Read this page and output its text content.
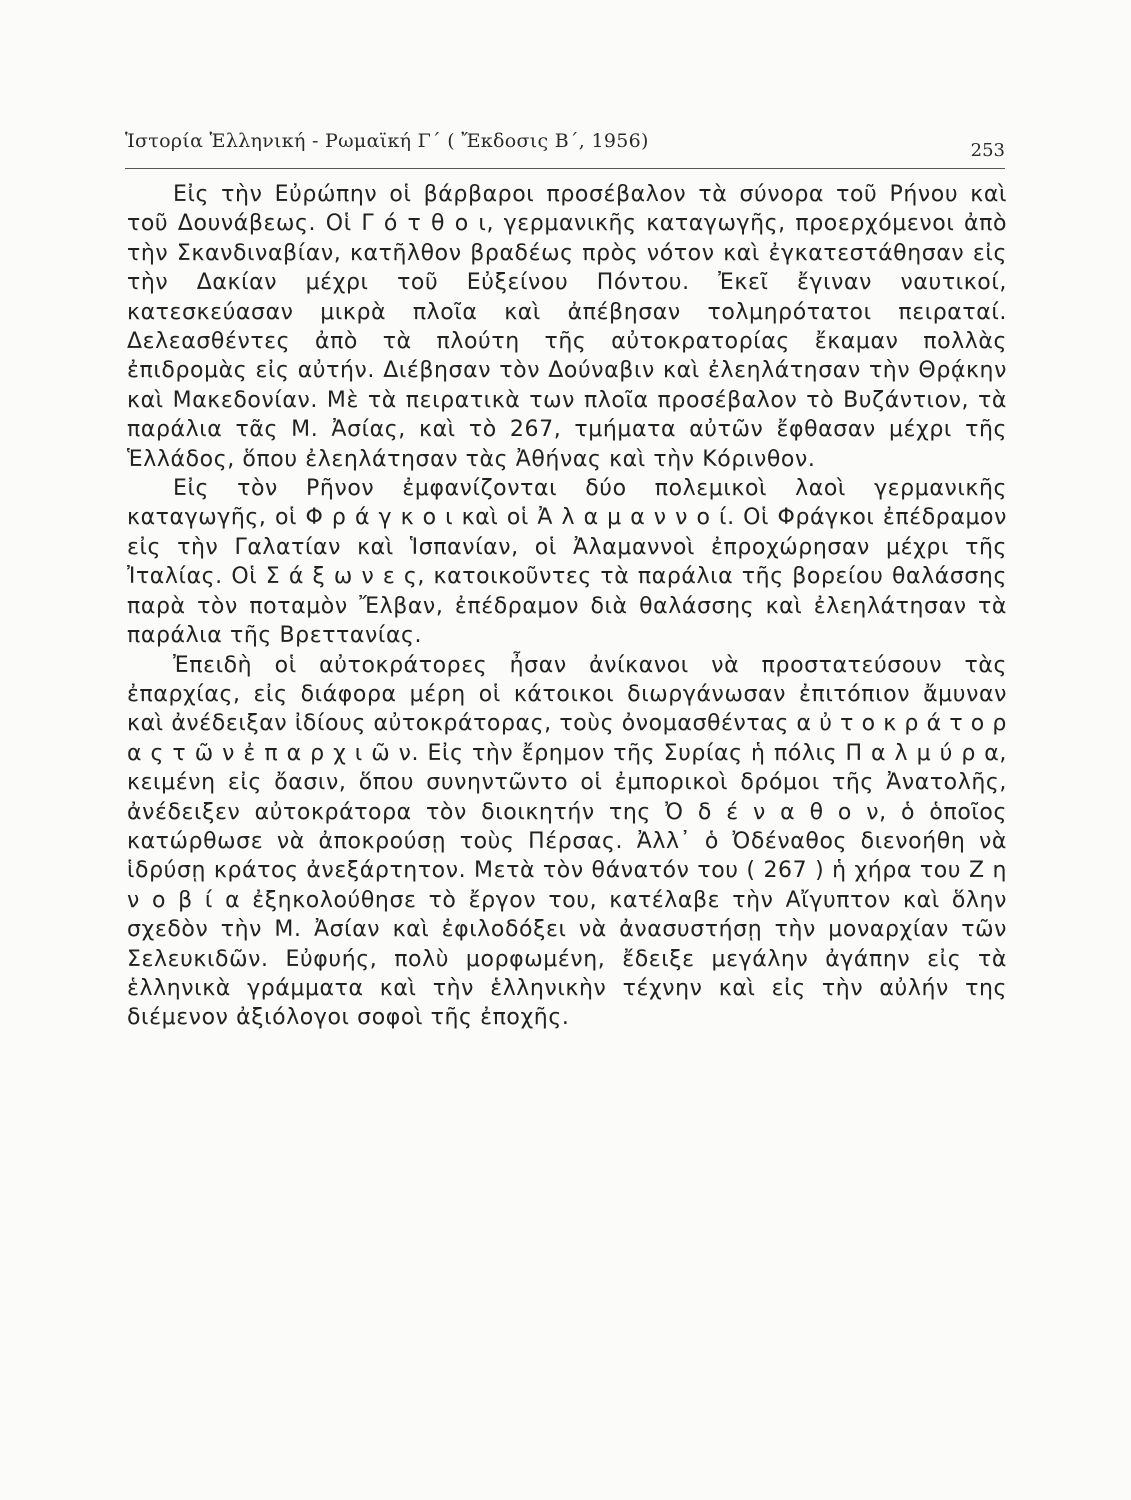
Ἱστορία Ἑλληνική - Ρωμαϊκή Γ΄ ( Ἔκδοσις Β΄, 1956)	253

Εἰς τὴν Εὐρώπην οἱ βάρβαροι προσέβαλον τὰ σύνορα τοῦ Ρήνου καὶ τοῦ Δουνάβεως. Οἱ Γ ό τ θ ο ι, γερμανικῆς καταγωγῆς, προερχόμενοι ἀπὸ τὴν Σκανδιναβίαν, κατῆλθον βραδέως πρὸς νότον καὶ ἐγκατεστάθησαν εἰς τὴν Δακίαν μέχρι τοῦ Εὐξείνου Πόντου. Ἐκεῖ ἔγιναν ναυτικοί, κατεσκεύασαν μικρὰ πλοῖα καὶ ἀπέβησαν τολμηρότατοι πειραταί. Δελεασθέντες ἀπὸ τὰ πλούτη τῆς αὐτοκρατορίας ἔκαμαν πολλὰς ἐπιδρομὰς εἰς αὐτήν. Διέβησαν τὸν Δούναβιν καὶ ἐλεηλάτησαν τὴν Θρᾴκην καὶ Μακεδονίαν. Μὲ τὰ πειρατικὰ των πλοῖα προσέβαλον τὸ Βυζάντιον, τὰ παράλια τᾶς Μ. Ἀσίας, καὶ τὸ 267, τμήματα αὐτῶν ἔφθασαν μέχρι τῆς Ἑλλάδος, ὅπου ἐλεηλάτησαν τὰς Ἀθήνας καὶ τὴν Κόρινθον.

Εἰς τὸν Ρῆνον ἐμφανίζονται δύο πολεμικοὶ λαοὶ γερμανικῆς καταγωγῆς, οἱ Φ ρ ά γ κ ο ι καὶ οἱ Ἀ λ α μ α ν ν ο ί. Οἱ Φράγκοι ἐπέδραμον εἰς τὴν Γαλατίαν καὶ Ἱσπανίαν, οἱ Ἀλαμαννοὶ ἐπροχώρησαν μέχρι τῆς Ἰταλίας. Οἱ Σ ά ξ ω ν ε ς, κατοικοῦντες τὰ παράλια τῆς βορείου θαλάσσης παρὰ τὸν ποταμὸν Ἔλβαν, ἐπέδραμον διὰ θαλάσσης καὶ ἐλεηλάτησαν τὰ παράλια τῆς Βρεττανίας.

Ἐπειδὴ οἱ αὐτοκράτορες ἦσαν ἀνίκανοι νὰ προστατεύσουν τὰς ἐπαρχίας, εἰς διάφορα μέρη οἱ κάτοικοι διωργάνωσαν ἐπιτόπιον ἄμυναν καὶ ἀνέδειξαν ἰδίους αὐτοκράτορας, τοὺς ὀνομασθέντας α ὐ τ ο κ ρ ά τ ο ρ α ς τ ῶ ν ἐ π α ρ χ ι ῶ ν. Εἰς τὴν ἔρημον τῆς Συρίας ἡ πόλις Π α λ μ ύ ρ α, κειμένη εἰς ὄασιν, ὅπου συνηντῶντο οἱ ἐμπορικοὶ δρόμοι τῆς Ἀνατολῆς, ἀνέδειξεν αὐτοκράτορα τὸν διοικητήν της Ὀ δ έ ν α θ ο ν, ὁ ὁποῖος κατώρθωσε νὰ ἀποκρούσῃ τοὺς Πέρσας. Ἀλλ᾽ ὁ Ὀδέναθος διενοήθη νὰ ἱδρύσῃ κράτος ἀνεξάρτητον. Μετὰ τὸν θάνατόν του ( 267 ) ἡ χήρα του Ζ η ν ο β ί α ἐξηκολούθησε τὸ ἔργον του, κατέλαβε τὴν Αἴγυπτον καὶ ὅλην σχεδὸν τὴν Μ. Ἀσίαν καὶ ἐφιλοδόξει νὰ ἀνασυστήσῃ τὴν μοναρχίαν τῶν Σελευκιδῶν. Εὐφυής, πολὺ μορφωμένη, ἔδειξε μεγάλην ἀγάπην εἰς τὰ ἑλληνικὰ γράμματα καὶ τὴν ἑλληνικὴν τέχνην καὶ εἰς τὴν αὐλήν της διέμενον ἀξιόλογοι σοφοὶ τῆς ἐποχῆς.
